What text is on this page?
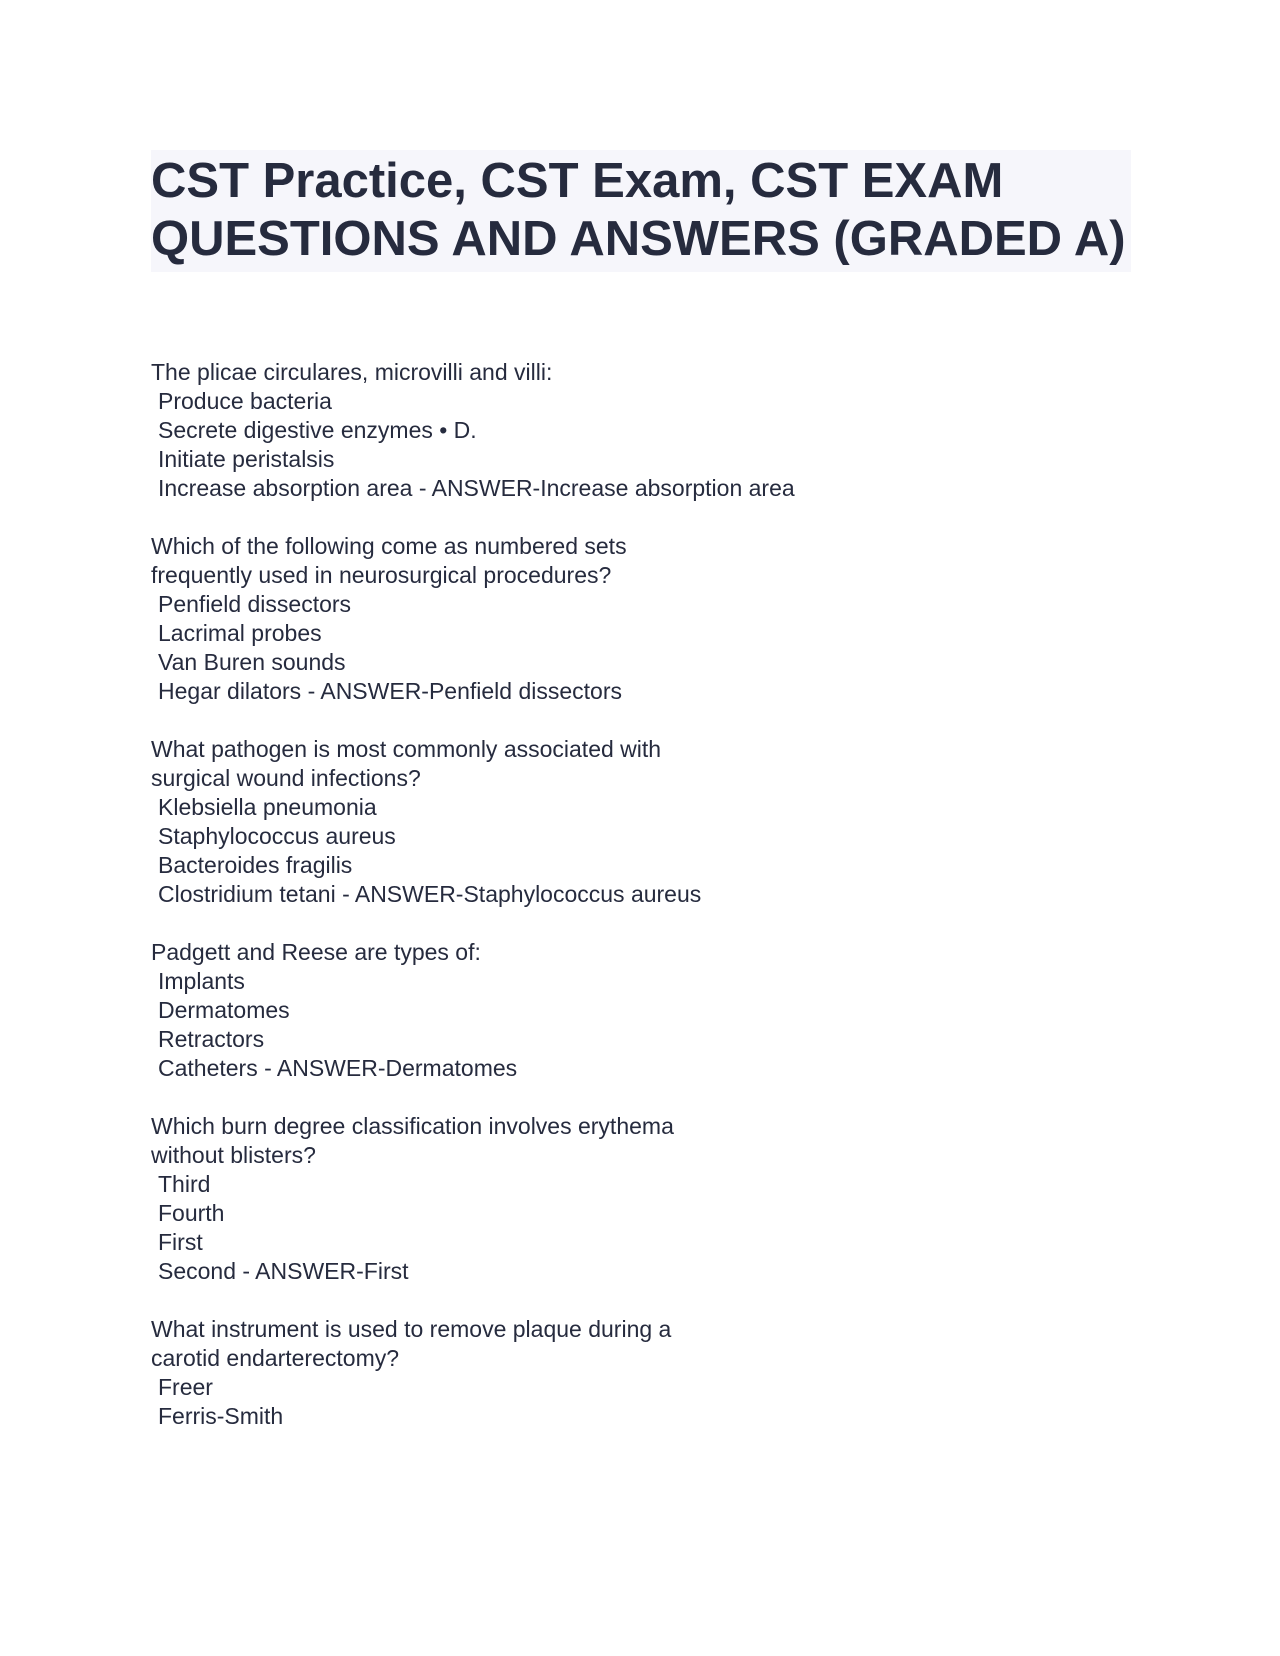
CST Practice, CST Exam, CST EXAM QUESTIONS AND ANSWERS (GRADED A)
The plicae circulares, microvilli and villi:
Produce bacteria
Secrete digestive enzymes • D.
Initiate peristalsis
Increase absorption area - ANSWER-Increase absorption area
Which of the following come as numbered sets
frequently used in neurosurgical procedures?
Penfield dissectors
Lacrimal probes
Van Buren sounds
Hegar dilators - ANSWER-Penfield dissectors
What pathogen is most commonly associated with
surgical wound infections?
Klebsiella pneumonia
Staphylococcus aureus
Bacteroides fragilis
Clostridium tetani - ANSWER-Staphylococcus aureus
Padgett and Reese are types of:
Implants
Dermatomes
Retractors
Catheters - ANSWER-Dermatomes
Which burn degree classification involves erythema
without blisters?
Third
Fourth
First
Second - ANSWER-First
What instrument is used to remove plaque during a
carotid endarterectomy?
Freer
Ferris-Smith
